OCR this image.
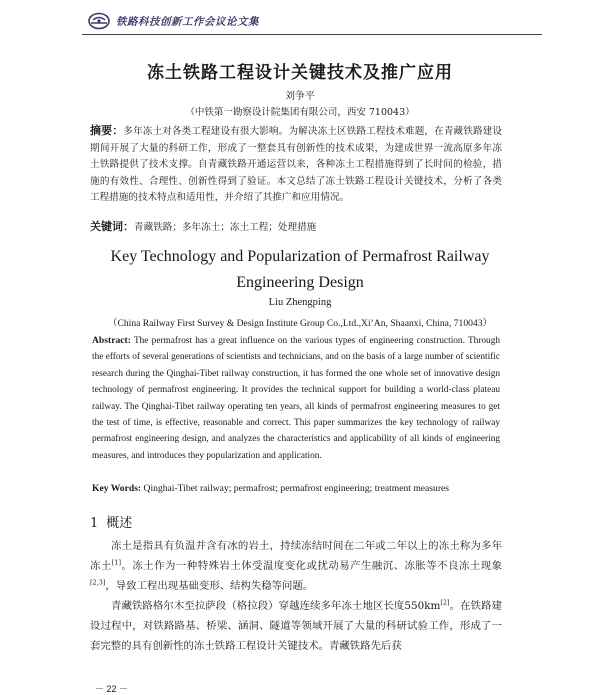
铁路科技创新工作会议论文集
冻土铁路工程设计关键技术及推广应用
刘争平
（中铁第一勘察设计院集团有限公司，西安 710043）

摘要：多年冻土对各类工程建设有很大影响。为解决冻土区铁路工程技术难题，在青藏铁路建设期间开展了大量的科研工作，形成了一整套具有创新性的技术成果，为建成世界一流高原多年冻土铁路提供了技术支撑。自青藏铁路开通运营以来，各种冻土工程措施得到了长时间的检验，措施的有效性、合理性、创新性得到了验证。本文总结了冻土铁路工程设计关键技术，分析了各类工程措施的技术特点和适用性，并介绍了其推广和应用情况。

关键词：青藏铁路；多年冻土；冻土工程；处理措施

Key Technology and Popularization of Permafrost Railway
Engineering Design
Liu Zhengping
（China Railway First Survey & Design Institute Group Co.,Ltd.,Xi’An, Shaanxi, China, 710043）

Abstract: The permafrost has a great influence on the various types of engineering construction. Through the efforts of several generations of scientists and technicians, and on the basis of a large number of scientific research during the Qinghai-Tibet railway construction, it has formed the one whole set of innovative design technology of permafrost engineering. It provides the technical support for building a world-class plateau railway. The Qinghai-Tibet railway operating ten years, all kinds of permafrost engineering measures to get the test of time, is effective, reasonable and correct. This paper summarizes the key technology of railway permafrost engineering design, and analyzes the characteristics and applicability of all kinds of engineering measures, and introduces they popularization and application.

Key Words: Qinghai-Tibet railway; permafrost; permafrost engineering; treatment measures

1 概述

冻土是指具有负温并含有冰的岩土，持续冻结时间在二年或二年以上的冻土称为多年冻土[1]。冻土作为一种特殊岩土体受温度变化或扰动易产生融沉、冻胀等不良冻土现象[2,3]，导致工程出现基础变形、结构失稳等问题。

青藏铁路格尔木至拉萨段（格拉段）穿越连续多年冻土地区长度550km[2]。在铁路建设过程中，对铁路路基、桥梁、涵洞、隧道等领域开展了大量的科研试验工作，形成了一套完整的具有创新性的冻土铁路工程设计关键技术。青藏铁路先后获

－ 22 －
